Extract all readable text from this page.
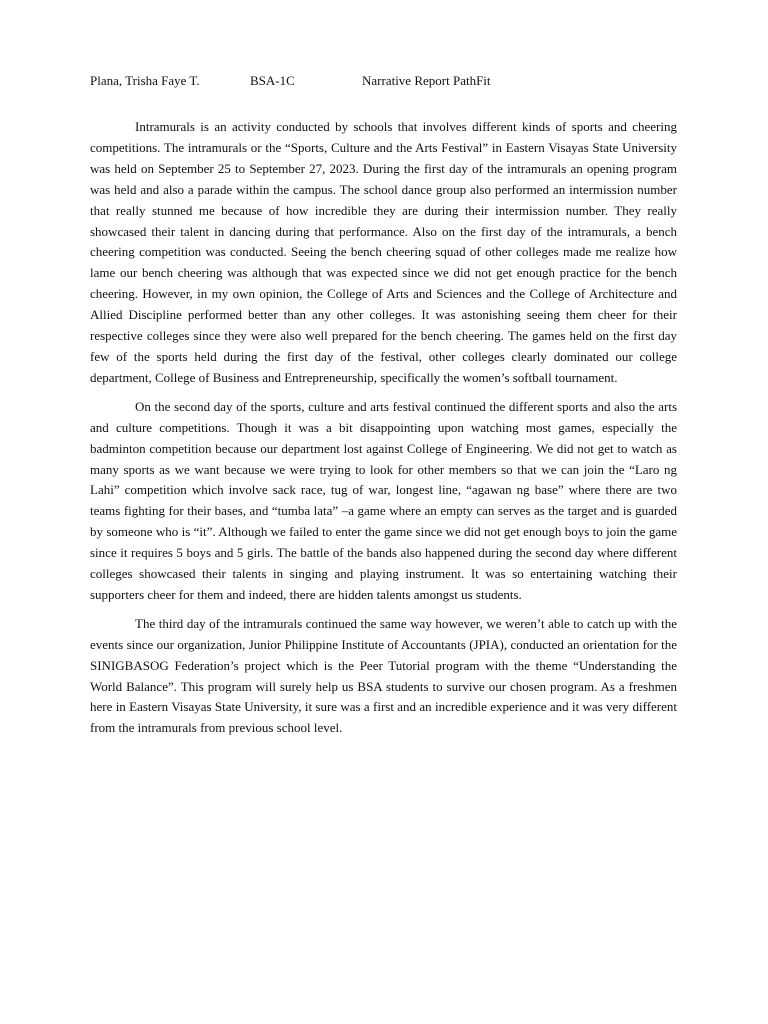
Plana, Trisha Faye T.	BSA-1C	Narrative Report PathFit

Intramurals is an activity conducted by schools that involves different kinds of sports and cheering competitions. The intramurals or the “Sports, Culture and the Arts Festival” in Eastern Visayas State University was held on September 25 to September 27, 2023. During the first day of the intramurals an opening program was held and also a parade within the campus. The school dance group also performed an intermission number that really stunned me because of how incredible they are during their intermission number. They really showcased their talent in dancing during that performance. Also on the first day of the intramurals, a bench cheering competition was conducted. Seeing the bench cheering squad of other colleges made me realize how lame our bench cheering was although that was expected since we did not get enough practice for the bench cheering. However, in my own opinion, the College of Arts and Sciences and the College of Architecture and Allied Discipline performed better than any other colleges. It was astonishing seeing them cheer for their respective colleges since they were also well prepared for the bench cheering. The games held on the first day few of the sports held during the first day of the festival, other colleges clearly dominated our college department, College of Business and Entrepreneurship, specifically the women’s softball tournament.

On the second day of the sports, culture and arts festival continued the different sports and also the arts and culture competitions. Though it was a bit disappointing upon watching most games, especially the badminton competition because our department lost against College of Engineering. We did not get to watch as many sports as we want because we were trying to look for other members so that we can join the “Laro ng Lahi” competition which involve sack race, tug of war, longest line, “agawan ng base” where there are two teams fighting for their bases, and “tumba lata” –a game where an empty can serves as the target and is guarded by someone who is “it”. Although we failed to enter the game since we did not get enough boys to join the game since it requires 5 boys and 5 girls. The battle of the bands also happened during the second day where different colleges showcased their talents in singing and playing instrument. It was so entertaining watching their supporters cheer for them and indeed, there are hidden talents amongst us students.

The third day of the intramurals continued the same way however, we weren’t able to catch up with the events since our organization, Junior Philippine Institute of Accountants (JPIA), conducted an orientation for the SINIGBASOG Federation’s project which is the Peer Tutorial program with the theme “Understanding the World Balance”. This program will surely help us BSA students to survive our chosen program. As a freshmen here in Eastern Visayas State University, it sure was a first and an incredible experience and it was very different from the intramurals from previous school level.
